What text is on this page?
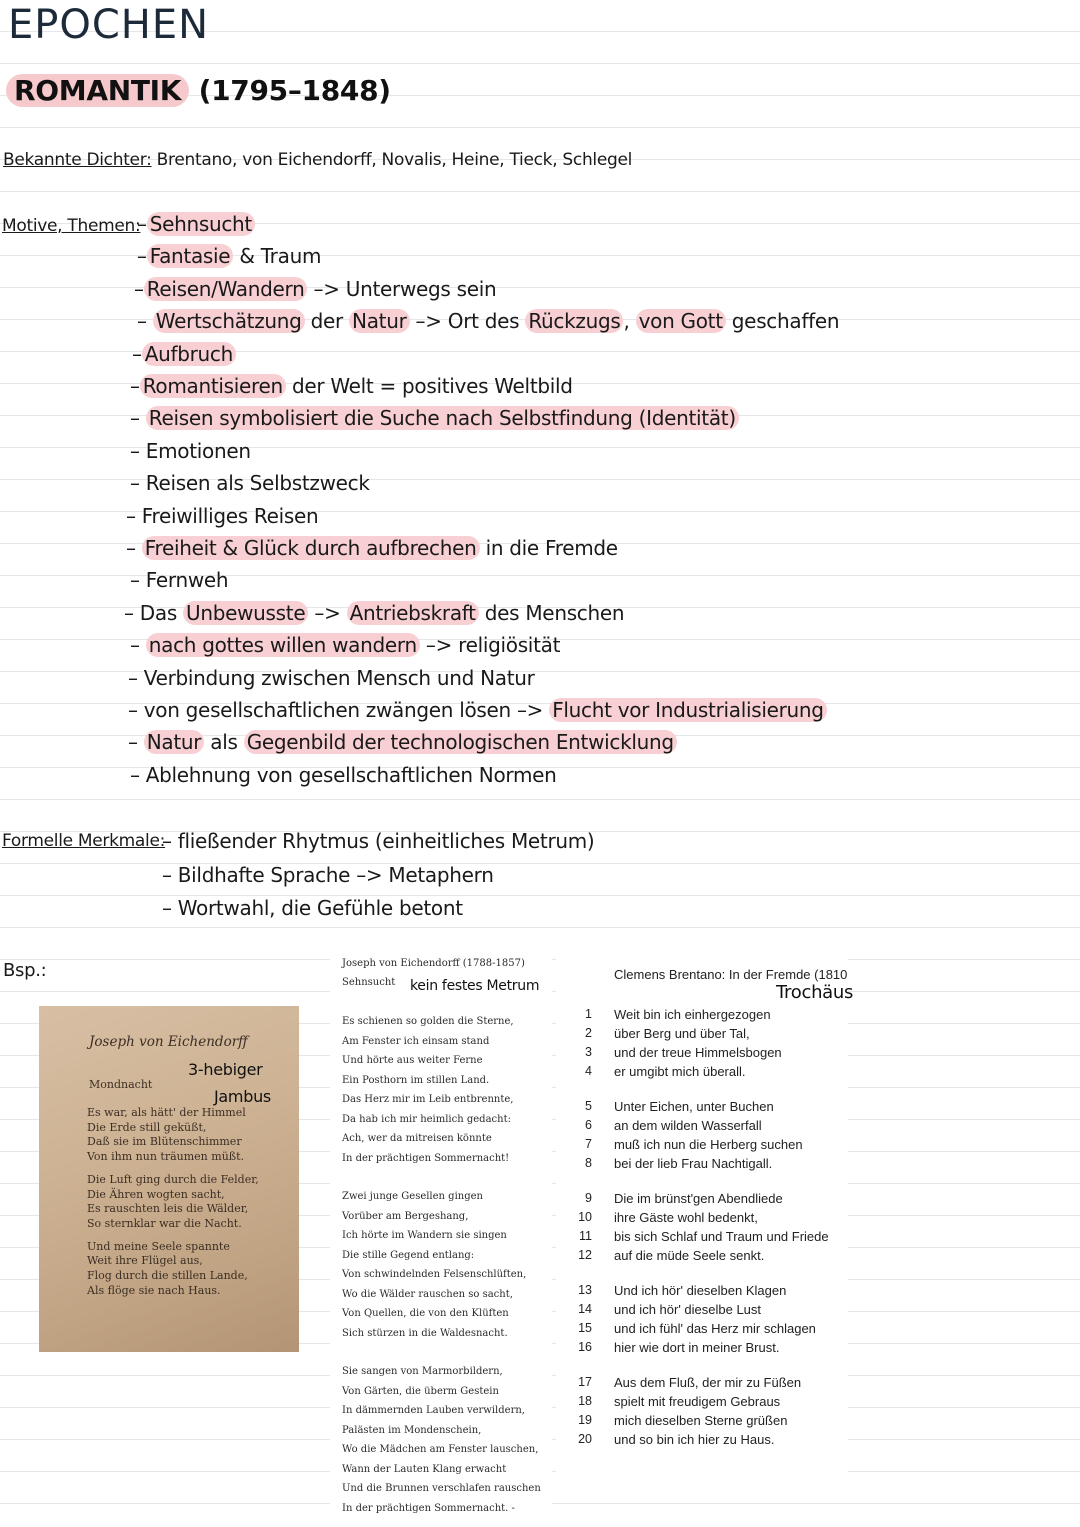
EPOCHEN
ROMANTIK (1795–1848)
Bekannte Dichter: Brentano, von Eichendorff, Novalis, Heine, Tieck, Schlegel
Motive, Themen:
– Sehnsucht
– Fantasie & Traum
– Reisen/Wandern –> Unterwegs sein
– Wertschätzung der Natur –> Ort des Rückzugs , von Gott geschaffen
– Aufbruch
– Romantisieren der Welt = positives Weltbild
– Reisen symbolisiert die Suche nach Selbstfindung (Identität)
– Emotionen
– Reisen als Selbstzweck
– Freiwilliges Reisen
– Freiheit & Glück durch aufbrechen in die Fremde
– Fernweh
– Das Unbewusste –> Antriebskraft des Menschen
– nach gottes willen wandern –> religiösität
– Verbindung zwischen Mensch und Natur
– von gesellschaftlichen zwängen lösen –> Flucht vor Industrialisierung
– Natur als Gegenbild der technologischen Entwicklung
– Ablehnung von gesellschaftlichen Normen
Formelle Merkmale:
– fließender Rhytmus (einheitliches Metrum)
– Bildhafte Sprache –> Metaphern
– Wortwahl, die Gefühle betont
Bsp.:
Joseph von Eichendorff
Mondnacht
Es war, als hätt' der Himmel
Die Erde still geküßt,
Daß sie im Blütenschimmer
Von ihm nun träumen müßt.
Die Luft ging durch die Felder,
Die Ähren wogten sacht,
Es rauschten leis die Wälder,
So sternklar war die Nacht.
Und meine Seele spannte
Weit ihre Flügel aus,
Flog durch die stillen Lande,
Als flöge sie nach Haus.
3-hebiger
Jambus
Joseph von Eichendorff (1788-1857)
Sehnsucht
Es schienen so golden die Sterne,
Am Fenster ich einsam stand
Und hörte aus weiter Ferne
Ein Posthorn im stillen Land.
Das Herz mir im Leib entbrennte,
Da hab ich mir heimlich gedacht:
Ach, wer da mitreisen könnte
In der prächtigen Sommernacht!
Zwei junge Gesellen gingen
Vorüber am Bergeshang,
Ich hörte im Wandern sie singen
Die stille Gegend entlang:
Von schwindelnden Felsenschlüften,
Wo die Wälder rauschen so sacht,
Von Quellen, die von den Klüften
Sich stürzen in die Waldesnacht.
Sie sangen von Marmorbildern,
Von Gärten, die überm Gestein
In dämmernden Lauben verwildern,
Palästen im Mondenschein,
Wo die Mädchen am Fenster lauschen,
Wann der Lauten Klang erwacht
Und die Brunnen verschlafen rauschen
In der prächtigen Sommernacht. -
kein festes Metrum
Clemens Brentano: In der Fremde (1810
1 Weit bin ich einhergezogen
2 über Berg und über Tal,
3 und der treue Himmelsbogen
4 er umgibt mich überall.
5 Unter Eichen, unter Buchen
6 an dem wilden Wasserfall
7 muß ich nun die Herberg suchen
8 bei der lieb Frau Nachtigall.
9 Die im brünst'gen Abendliede
10 ihre Gäste wohl bedenkt,
11 bis sich Schlaf und Traum und Friede
12 auf die müde Seele senkt.
13 Und ich hör' dieselben Klagen
14 und ich hör' dieselbe Lust
15 und ich fühl' das Herz mir schlagen
16 hier wie dort in meiner Brust.
17 Aus dem Fluß, der mir zu Füßen
18 spielt mit freudigem Gebraus
19 mich dieselben Sterne grüßen
20 und so bin ich hier zu Haus.
Trochäus
